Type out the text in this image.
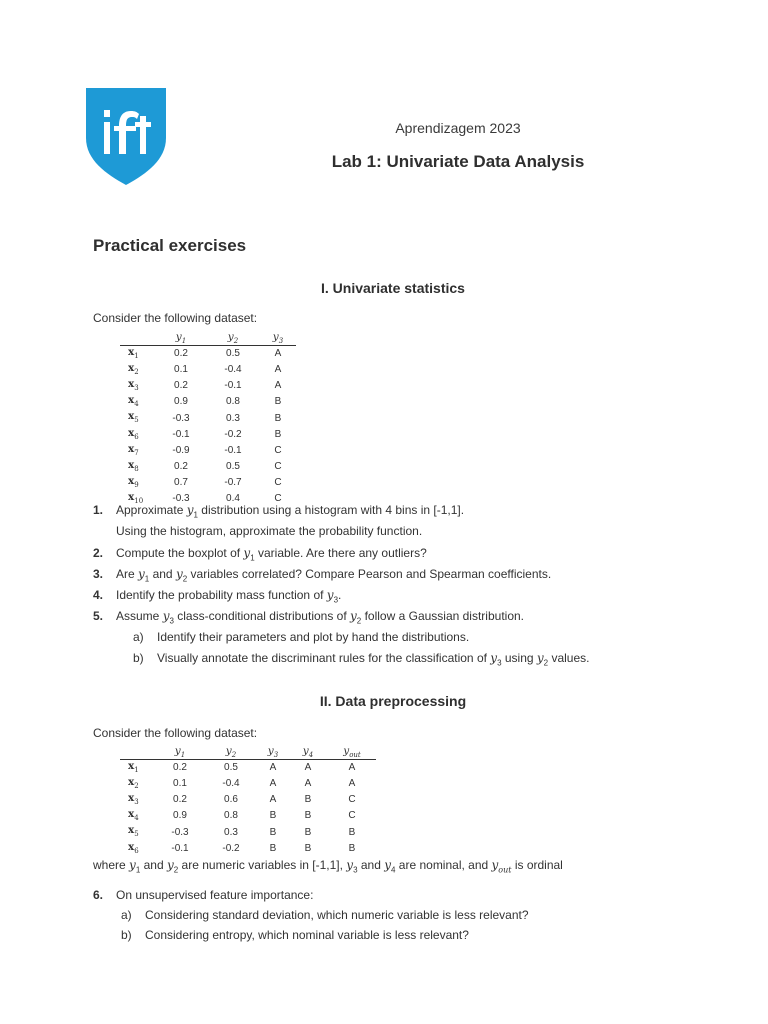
Aprendizagem 2023
Lab 1: Univariate Data Analysis
Practical exercises
I. Univariate statistics
Consider the following dataset:
	$y_1$	$y_2$	$y_3$
$x_1$	0.2	0.5	A
$x_2$	0.1	-0.4	A
$x_3$	0.2	-0.1	A
$x_4$	0.9	0.8	B
$x_5$	-0.3	0.3	B
$x_6$	-0.1	-0.2	B
$x_7$	-0.9	-0.1	C
$x_8$	0.2	0.5	C
$x_9$	0.7	-0.7	C
$x_{10}$	-0.3	0.4	C
1. Approximate $y_1$ distribution using a histogram with 4 bins in [-1,1].
Using the histogram, approximate the probability function.
2. Compute the boxplot of $y_1$ variable. Are there any outliers?
3. Are $y_1$ and $y_2$ variables correlated? Compare Pearson and Spearman coefficients.
4. Identify the probability mass function of $y_3$.
5. Assume $y_3$ class-conditional distributions of $y_2$ follow a Gaussian distribution.
a) Identify their parameters and plot by hand the distributions.
b) Visually annotate the discriminant rules for the classification of $y_3$ using $y_2$ values.
II. Data preprocessing
Consider the following dataset:
	$y_1$	$y_2$	$y_3$	$y_4$	$y_{out}$
$x_1$	0.2	0.5	A	A	A
$x_2$	0.1	-0.4	A	A	A
$x_3$	0.2	0.6	A	B	C
$x_4$	0.9	0.8	B	B	C
$x_5$	-0.3	0.3	B	B	B
$x_6$	-0.1	-0.2	B	B	B
where $y_1$ and $y_2$ are numeric variables in [-1,1], $y_3$ and $y_4$ are nominal, and $y_{out}$ is ordinal
6. On unsupervised feature importance:
a) Considering standard deviation, which numeric variable is less relevant?
b) Considering entropy, which nominal variable is less relevant?
